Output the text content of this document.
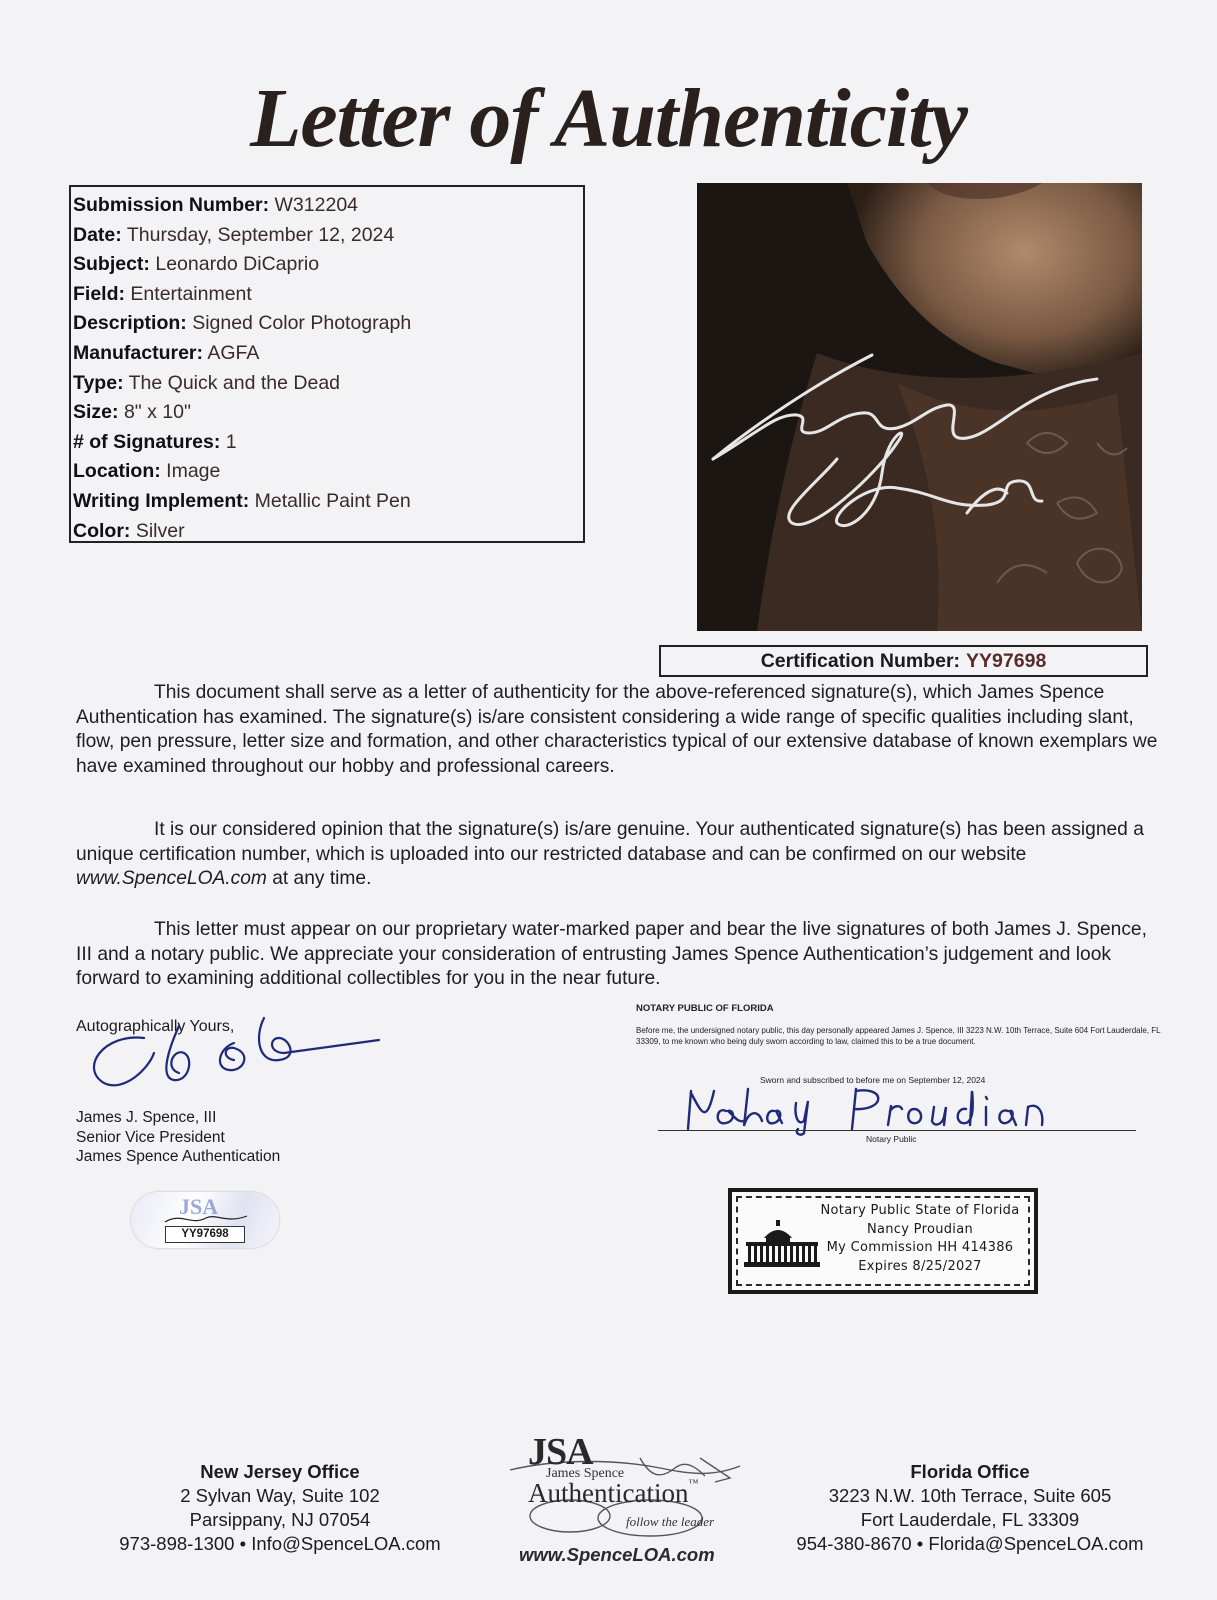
Letter of Authenticity
Submission Number: W312204
Date: Thursday, September 12, 2024
Subject: Leonardo DiCaprio
Field: Entertainment
Description: Signed Color Photograph
Manufacturer: AGFA
Type: The Quick and the Dead
Size: 8" x 10"
# of Signatures: 1
Location: Image
Writing Implement: Metallic Paint Pen
Color: Silver
Certification Number: YY97698

This document shall serve as a letter of authenticity for the above-referenced signature(s), which James Spence Authentication has examined. The signature(s) is/are consistent considering a wide range of specific qualities including slant, flow, pen pressure, letter size and formation, and other characteristics typical of our extensive database of known exemplars we have examined throughout our hobby and professional careers.

It is our considered opinion that the signature(s) is/are genuine. Your authenticated signature(s) has been assigned a unique certification number, which is uploaded into our restricted database and can be confirmed on our website www.SpenceLOA.com at any time.

This letter must appear on our proprietary water-marked paper and bear the live signatures of both James J. Spence, III and a notary public. We appreciate your consideration of entrusting James Spence Authentication’s judgement and look forward to examining additional collectibles for you in the near future.

Autographically Yours,
James J. Spence, III
Senior Vice President
James Spence Authentication
JSA
YY97698

NOTARY PUBLIC OF FLORIDA

Before me, the undersigned notary public, this day personally appeared James J. Spence, III 3223 N.W. 10th Terrace, Suite 604 Fort Lauderdale, FL 33309, to me known who being duly sworn according to law, claimed this to be a true document.

Sworn and subscribed to before me on September 12, 2024
Notary Public
Notary Public State of Florida
Nancy Proudian
My Commission HH 414386
Expires 8/25/2027
New Jersey Office
2 Sylvan Way, Suite 102
Parsippany, NJ 07054
973-898-1300 • Info@SpenceLOA.com
JSA
James Spence
Authentication™
follow the leader
www.SpenceLOA.com
Florida Office
3223 N.W. 10th Terrace, Suite 605
Fort Lauderdale, FL 33309
954-380-8670 • Florida@SpenceLOA.com
